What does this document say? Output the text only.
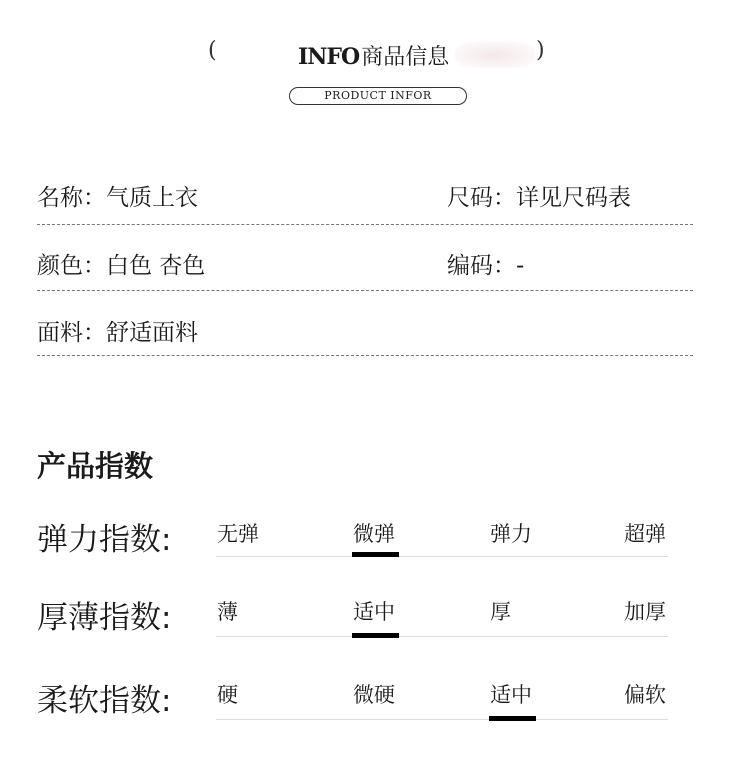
(	INFO商品信息	)
PRODUCT INFOR
名称：气质上衣	尺码：详见尺码表
颜色：白色 杏色	编码：-
面料：舒适面料
产品指数
弹力指数: 无弹	微弹	弹力	超弹
厚薄指数: 薄	适中	厚	加厚
柔软指数: 硬	微硬	适中	偏软
